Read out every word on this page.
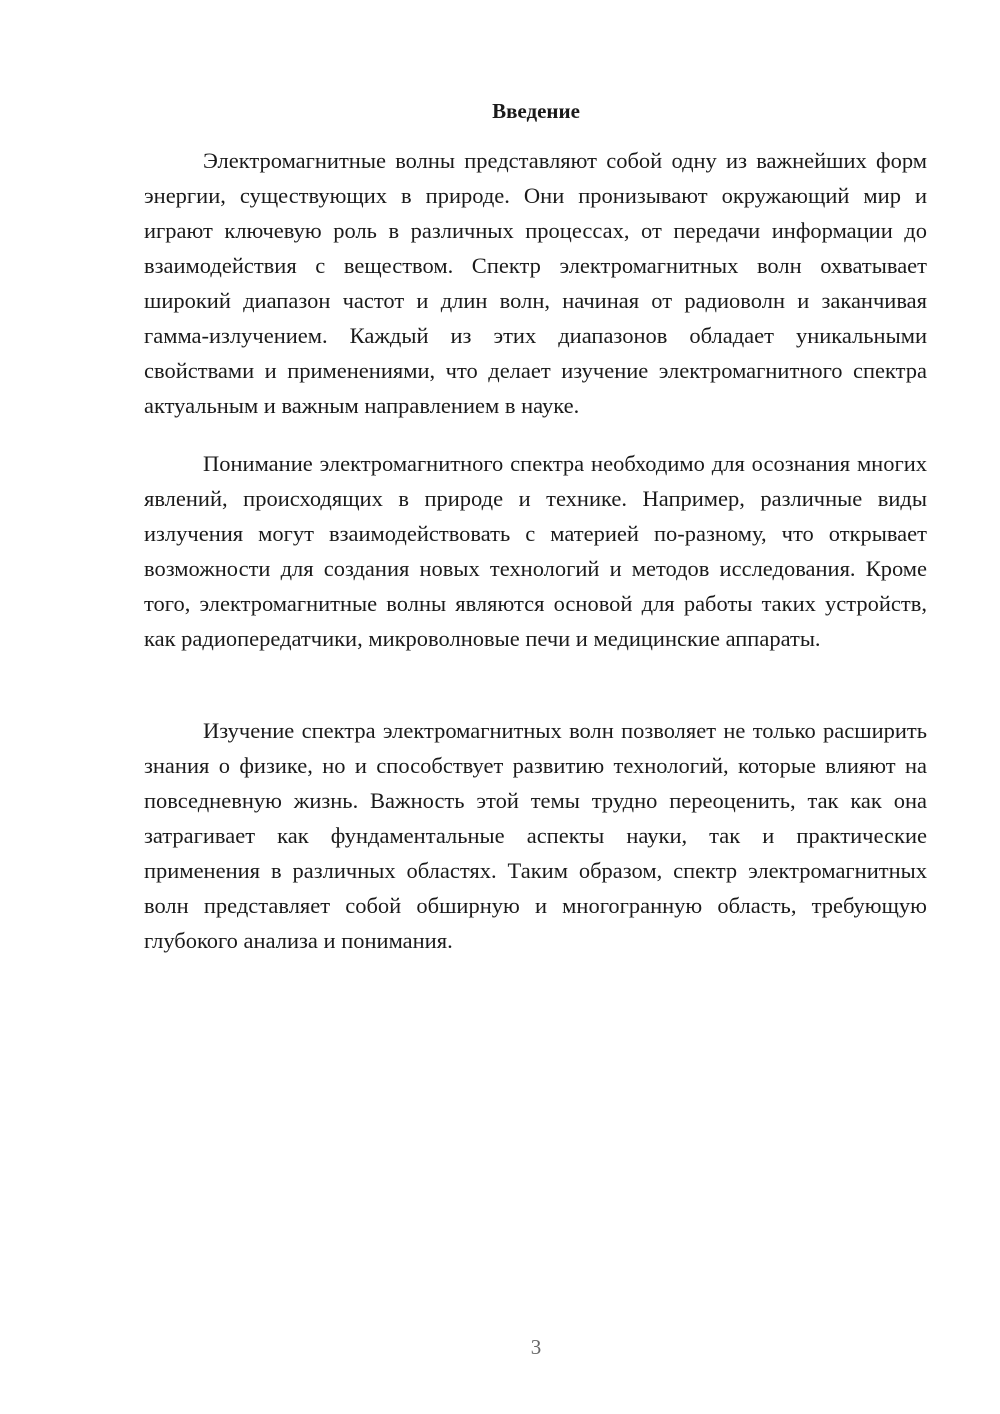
Введение

Электромагнитные волны представляют собой одну из важнейших форм энергии, существующих в природе. Они пронизывают окружающий мир и играют ключевую роль в различных процессах, от передачи информации до взаимодействия с веществом. Спектр электромагнитных волн охватывает широкий диапазон частот и длин волн, начиная от радиоволн и заканчивая гамма-излучением. Каждый из этих диапазонов обладает уникальными свойствами и применениями, что делает изучение электромагнитного спектра актуальным и важным направлением в науке.

Понимание электромагнитного спектра необходимо для осознания многих явлений, происходящих в природе и технике. Например, различные виды излучения могут взаимодействовать с материей по-разному, что открывает возможности для создания новых технологий и методов исследования. Кроме того, электромагнитные волны являются основой для работы таких устройств, как радиопередатчики, микроволновые печи и медицинские аппараты.

Изучение спектра электромагнитных волн позволяет не только расширить знания о физике, но и способствует развитию технологий, которые влияют на повседневную жизнь. Важность этой темы трудно переоценить, так как она затрагивает как фундаментальные аспекты науки, так и практические применения в различных областях. Таким образом, спектр электромагнитных волн представляет собой обширную и многогранную область, требующую глубокого анализа и понимания.

3
